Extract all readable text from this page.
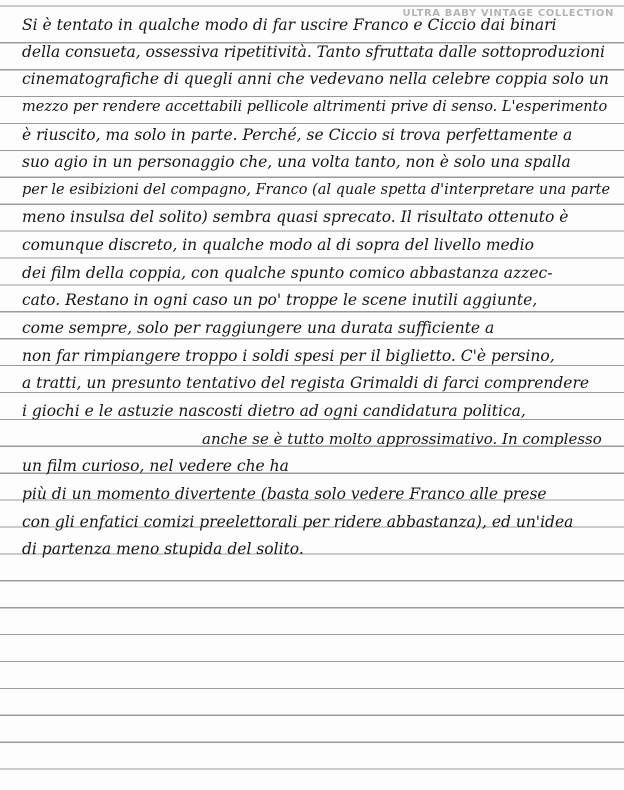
ULTRA BABY VINTAGE COLLECTION
Si è tentato in qualche modo di far uscire Franco e Ciccio dai binari
della consueta, ossessiva ripetitività. Tanto sfruttata dalle sottoproduzioni
cinematografiche di quegli anni che vedevano nella celebre coppia solo un
mezzo per rendere accettabili pellicole altrimenti prive di senso. L'esperimento
è riuscito, ma solo in parte. Perché, se Ciccio si trova perfettamente a
suo agio in un personaggio che, una volta tanto, non è solo una spalla
per le esibizioni del compagno, Franco (al quale spetta d'interpretare una parte
meno insulsa del solito) sembra quasi sprecato. Il risultato ottenuto è
comunque discreto, in qualche modo al di sopra del livello medio
dei film della coppia, con qualche spunto comico abbastanza azzec-
cato. Restano in ogni caso un po' troppe le scene inutili aggiunte,
come sempre, solo per raggiungere una durata sufficiente a
non far rimpiangere troppo i soldi spesi per il biglietto. C'è persino,
a tratti, un presunto tentativo del regista Grimaldi di farci comprendere
i giochi e le astuzie nascosti dietro ad ogni candidatura politica,
anche se è tutto molto approssimativo. In complesso
un film curioso, nel vedere che ha
più di un momento divertente (basta solo vedere Franco alle prese
con gli enfatici comizi preelettorali per ridere abbastanza), ed un'idea
di partenza meno stupida del solito.
